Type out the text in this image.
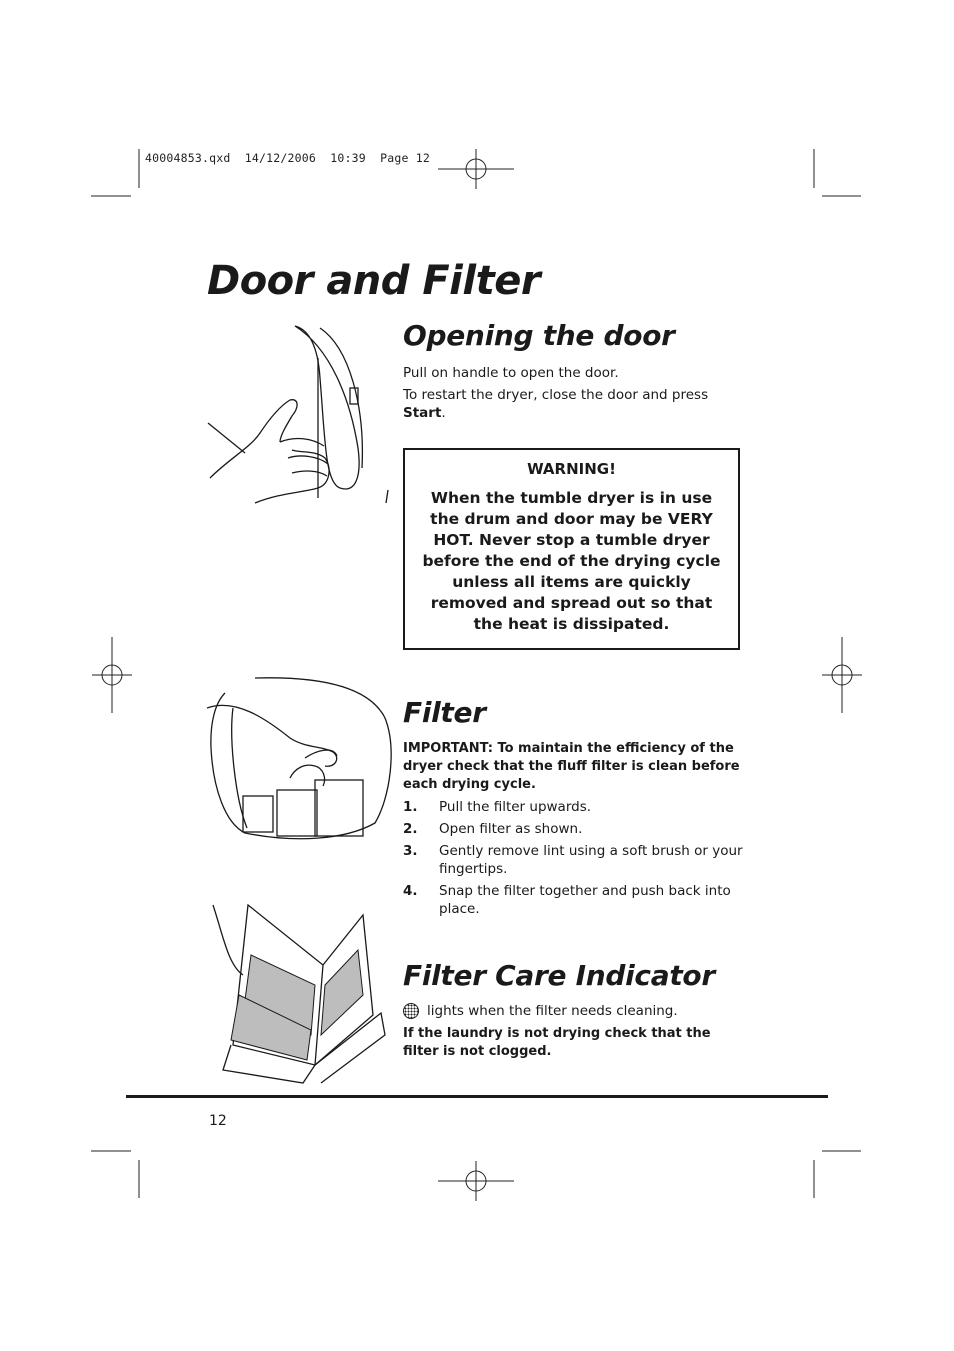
40004853.qxd  14/12/2006  10:39  Page 12
Door and Filter
Opening the door

Pull on handle to open the door.

To restart the dryer, close the door and press Start.

WARNING!
When the tumble dryer is in use the drum and door may be VERY HOT. Never stop a tumble dryer before the end of the drying cycle unless all items are quickly removed and spread out so that the heat is dissipated.
Filter

IMPORTANT: To maintain the efficiency of the dryer check that the fluff filter is clean before each drying cycle.

1.	Pull the filter upwards.
2.	Open filter as shown.
3.	Gently remove lint using a soft brush or your fingertips.
4.	Snap the filter together and push back into place.
Filter Care Indicator
lights when the filter needs cleaning.

If the laundry is not drying check that the filter is not clogged.

12
